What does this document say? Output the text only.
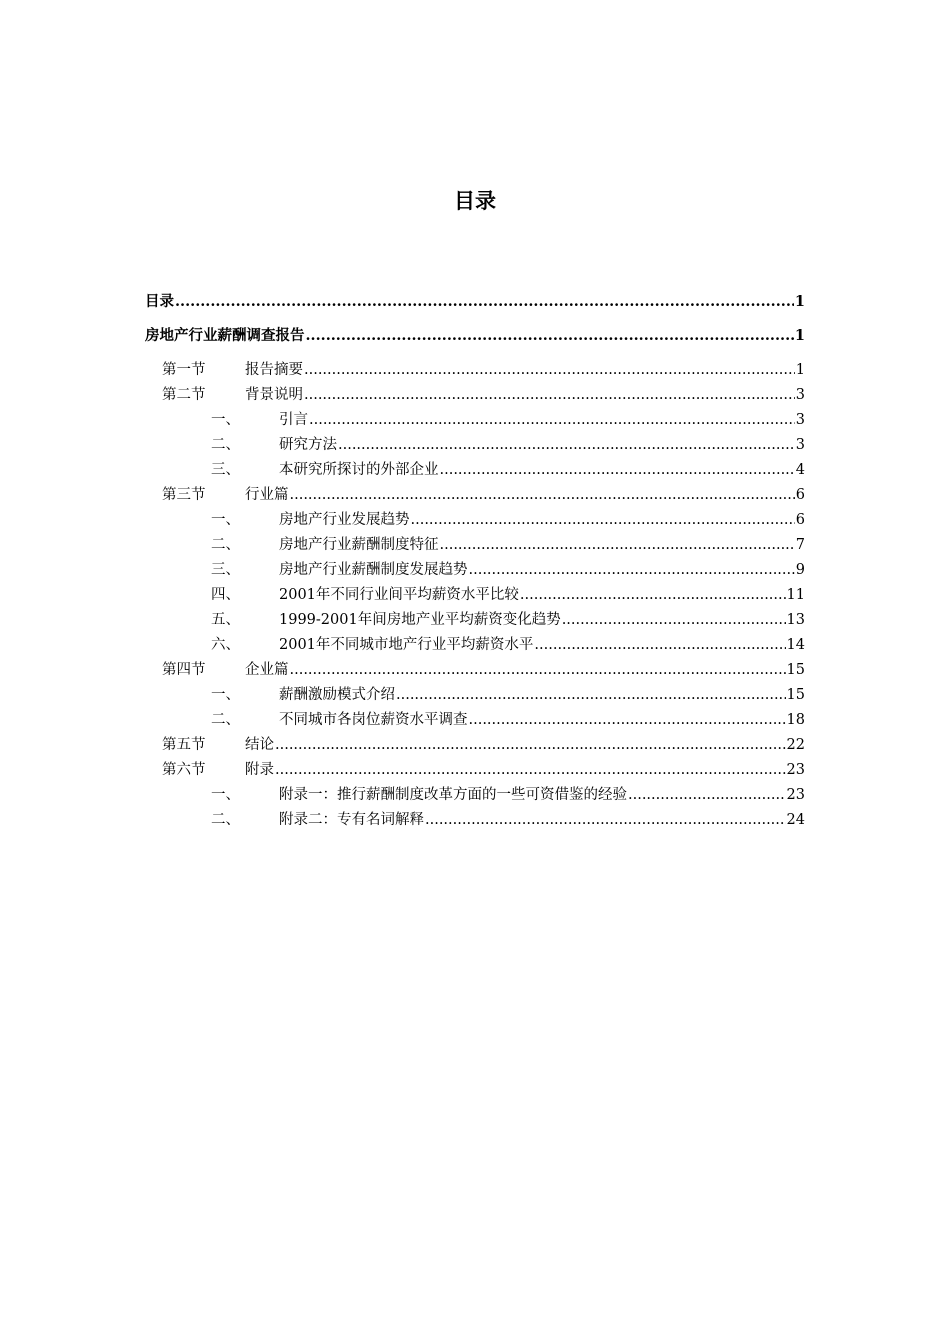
目录
目录 .....	1
房地产行业薪酬调查报告 .....	1
第一节	报告摘要 .....	1
第二节	背景说明 .....	3
一、	引言 .....	3
二、	研究方法 .....	3
三、	本研究所探讨的外部企业 .....	4
第三节	行业篇 .....	6
一、	房地产行业发展趋势 .....	6
二、	房地产行业薪酬制度特征 .....	7
三、	房地产行业薪酬制度发展趋势 .....	9
四、	2001年不同行业间平均薪资水平比较 .....	11
五、	1999-2001年间房地产业平均薪资变化趋势 .....	13
六、	2001年不同城市地产行业平均薪资水平 .....	14
第四节	企业篇 .....	15
一、	薪酬激励模式介绍 .....	15
二、	不同城市各岗位薪资水平调查 .....	18
第五节	结论 .....	22
第六节	附录 .....	23
一、	附录一：推行薪酬制度改革方面的一些可资借鉴的经验 .....	23
二、	附录二：专有名词解释 .....	24
